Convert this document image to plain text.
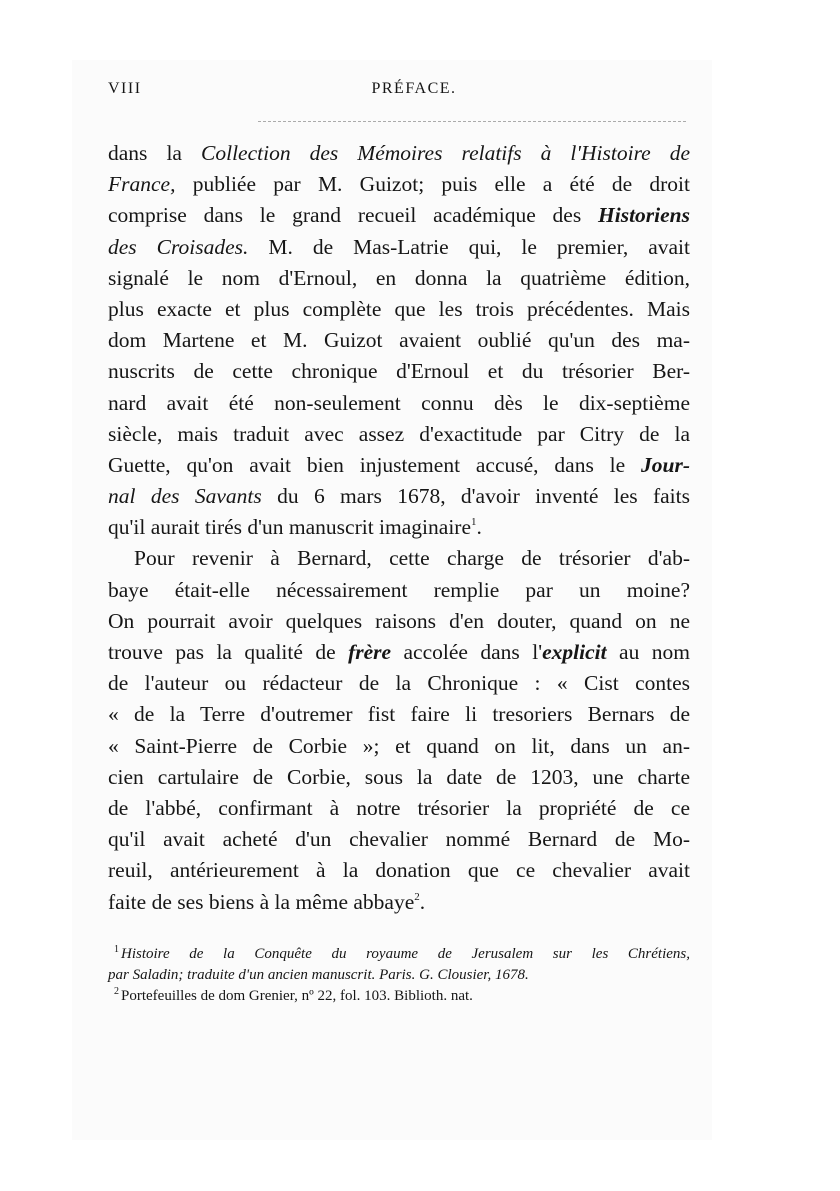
VIII	PRÉFACE.
dans la Collection des Mémoires relatifs à l'Histoire de
France, publiée par M. Guizot; puis elle a été de droit
comprise dans le grand recueil académique des Historiens
des Croisades. M. de Mas-Latrie qui, le premier, avait
signalé le nom d'Ernoul, en donna la quatrième édition,
plus exacte et plus complète que les trois précédentes. Mais
dom Martene et M. Guizot avaient oublié qu'un des ma-
nuscrits de cette chronique d'Ernoul et du trésorier Ber-
nard avait été non-seulement connu dès le dix-septième
siècle, mais traduit avec assez d'exactitude par Citry de la
Guette, qu'on avait bien injustement accusé, dans le Jour-
nal des Savants du 6 mars 1678, d'avoir inventé les faits
qu'il aurait tirés d'un manuscrit imaginaire$^1$.
Pour revenir à Bernard, cette charge de trésorier d'ab-
baye était-elle nécessairement remplie par un moine?
On pourrait avoir quelques raisons d'en douter, quand on ne
trouve pas la qualité de frère accolée dans l'explicit au nom
de l'auteur ou rédacteur de la Chronique : « Cist contes
« de la Terre d'outremer fist faire li tresoriers Bernars de
« Saint-Pierre de Corbie »; et quand on lit, dans un an-
cien cartulaire de Corbie, sous la date de 1203, une charte
de l'abbé, confirmant à notre trésorier la propriété de ce
qu'il avait acheté d'un chevalier nommé Bernard de Mo-
reuil, antérieurement à la donation que ce chevalier avait
faite de ses biens à la même abbaye$^2$.
$^1$ Histoire de la Conquête du royaume de Jerusalem sur les Chrétiens,
par Saladin; traduite d'un ancien manuscrit. Paris. G. Clousier, 1678.
$^2$ Portefeuilles de dom Grenier, nº 22, fol. 103. Biblioth. nat.
